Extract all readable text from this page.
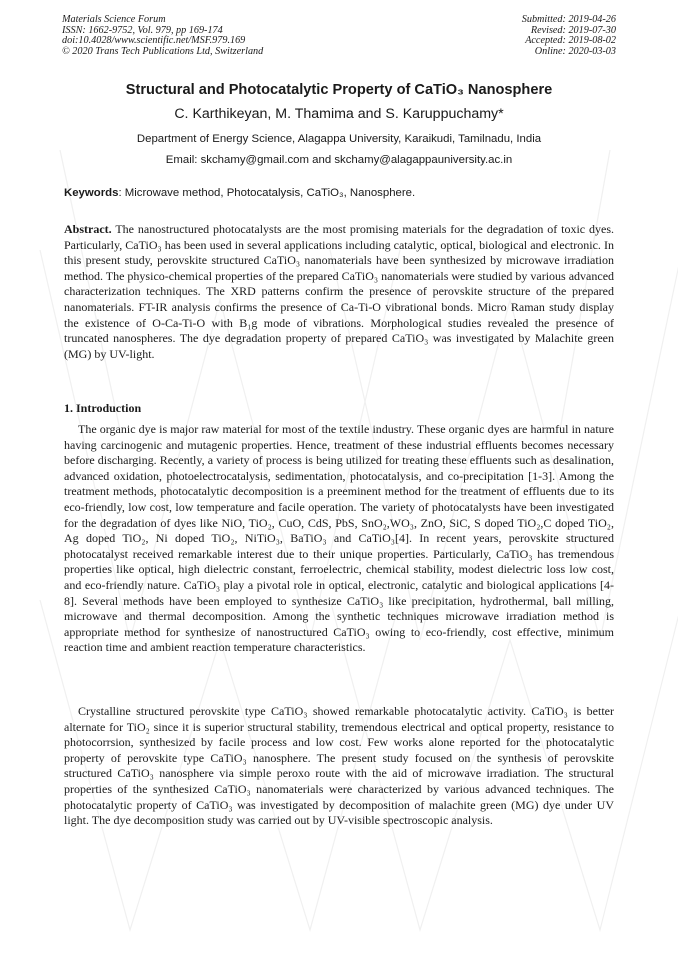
Materials Science Forum
ISSN: 1662-9752, Vol. 979, pp 169-174
doi:10.4028/www.scientific.net/MSF.979.169
© 2020 Trans Tech Publications Ltd, Switzerland
Submitted: 2019-04-26
Revised: 2019-07-30
Accepted: 2019-08-02
Online: 2020-03-03
Structural and Photocatalytic Property of CaTiO₃ Nanosphere
C. Karthikeyan, M. Thamima and S. Karuppuchamy*
Department of Energy Science, Alagappa University, Karaikudi, Tamilnadu, India
Email: skchamy@gmail.com and skchamy@alagappauniversity.ac.in
Keywords: Microwave method, Photocatalysis, CaTiO₃, Nanosphere.

Abstract. The nanostructured photocatalysts are the most promising materials for the degradation of toxic dyes. Particularly, CaTiO₃ has been used in several applications including catalytic, optical, biological and electronic. In this present study, perovskite structured CaTiO₃ nanomaterials have been synthesized by microwave irradiation method. The physico-chemical properties of the prepared CaTiO₃ nanomaterials were studied by various advanced characterization techniques. The XRD patterns confirm the presence of perovskite structure of the prepared nanomaterials. FT-IR analysis confirms the presence of Ca-Ti-O vibrational bonds. Micro Raman study display the existence of O-Ca-Ti-O with B₁g mode of vibrations. Morphological studies revealed the presence of truncated nanospheres. The dye degradation property of prepared CaTiO₃ was investigated by Malachite green (MG) by UV-light.

1. Introduction

The organic dye is major raw material for most of the textile industry. These organic dyes are harmful in nature having carcinogenic and mutagenic properties. Hence, treatment of these industrial effluents becomes necessary before discharging. Recently, a variety of process is being utilized for treating these effluents such as desalination, advanced oxidation, photoelectrocatalysis, sedimentation, photocatalysis, and co-precipitation [1-3]. Among the treatment methods, photocatalytic decomposition is a preeminent method for the treatment of effluents due to its eco-friendly, low cost, low temperature and facile operation. The variety of photocatalysts have been investigated for the degradation of dyes like NiO, TiO₂, CuO, CdS, PbS, SnO₂,WO₃, ZnO, SiC, S doped TiO₂,C doped TiO₂, Ag doped TiO₂, Ni doped TiO₂, NiTiO₃, BaTiO₃ and CaTiO₃[4]. In recent years, perovskite structured photocatalyst received remarkable interest due to their unique properties. Particularly, CaTiO₃ has tremendous properties like optical, high dielectric constant, ferroelectric, chemical stability, modest dielectric loss low cost, and eco-friendly nature. CaTiO₃ play a pivotal role in optical, electronic, catalytic and biological applications [4-8]. Several methods have been employed to synthesize CaTiO₃ like precipitation, hydrothermal, ball milling, microwave and thermal decomposition. Among the synthetic techniques microwave irradiation method is appropriate method for synthesize of nanostructured CaTiO₃ owing to eco-friendly, cost effective, minimum reaction time and ambient reaction temperature characteristics.

Crystalline structured perovskite type CaTiO₃ showed remarkable photocatalytic activity. CaTiO₃ is better alternate for TiO₂ since it is superior structural stability, tremendous electrical and optical property, resistance to photocorrsion, synthesized by facile process and low cost. Few works alone reported for the photocatalytic property of perovskite type CaTiO₃ nanosphere. The present study focused on the synthesis of perovskite structured CaTiO₃ nanosphere via simple peroxo route with the aid of microwave irradiation. The structural properties of the synthesized CaTiO₃ nanomaterials were characterized by various advanced techniques. The photocatalytic property of CaTiO₃ was investigated by decomposition of malachite green (MG) dye under UV light. The dye decomposition study was carried out by UV-visible spectroscopic analysis.
